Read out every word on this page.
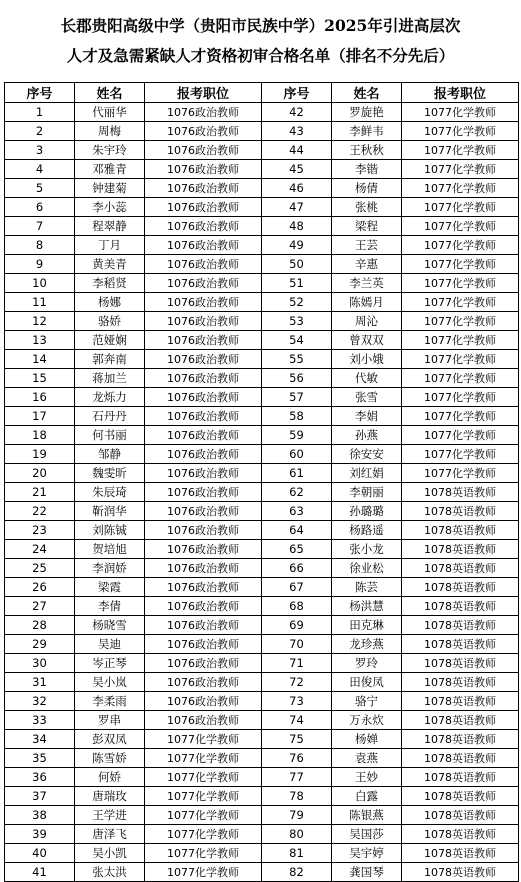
长郡贵阳高级中学（贵阳市民族中学）2025年引进高层次
人才及急需紧缺人才资格初审合格名单（排名不分先后）
序号	姓名	报考职位	序号	姓名	报考职位
1	代丽华	1076政治教师	42	罗旋艳	1077化学教师
2	周梅	1076政治教师	43	李鲜韦	1077化学教师
3	朱宇玲	1076政治教师	44	王秋秋	1077化学教师
4	邓雅青	1076政治教师	45	李锴	1077化学教师
5	钟建菊	1076政治教师	46	杨倩	1077化学教师
6	李小蕊	1076政治教师	47	张桃	1077化学教师
7	程翠静	1076政治教师	48	梁程	1077化学教师
8	丁月	1076政治教师	49	王芸	1077化学教师
9	黄美青	1076政治教师	50	辛惠	1077化学教师
10	李稻贤	1076政治教师	51	李兰英	1077化学教师
11	杨娜	1076政治教师	52	陈嫣月	1077化学教师
12	骆娇	1076政治教师	53	周沁	1077化学教师
13	范娅娴	1076政治教师	54	曾双双	1077化学教师
14	郭奔南	1076政治教师	55	刘小娥	1077化学教师
15	蒋加兰	1076政治教师	56	代敏	1077化学教师
16	龙烁力	1076政治教师	57	张雪	1077化学教师
17	石丹丹	1076政治教师	58	李娟	1077化学教师
18	何书丽	1076政治教师	59	孙燕	1077化学教师
19	邹静	1076政治教师	60	徐安安	1077化学教师
20	魏雯昕	1076政治教师	61	刘红娟	1077化学教师
21	朱辰琦	1076政治教师	62	李朝丽	1078英语教师
22	靳润华	1076政治教师	63	孙璐璐	1078英语教师
23	刘陈铖	1076政治教师	64	杨路遥	1078英语教师
24	贺培旭	1076政治教师	65	张小龙	1078英语教师
25	李润娇	1076政治教师	66	徐业松	1078英语教师
26	梁霞	1076政治教师	67	陈芸	1078英语教师
27	李倩	1076政治教师	68	杨洪慧	1078英语教师
28	杨晓雪	1076政治教师	69	田克琳	1078英语教师
29	吴迪	1076政治教师	70	龙珍燕	1078英语教师
30	岑正琴	1076政治教师	71	罗玲	1078英语教师
31	吴小岚	1076政治教师	72	田俊凤	1078英语教师
32	李柔雨	1076政治教师	73	骆宁	1078英语教师
33	罗串	1076政治教师	74	万永炊	1078英语教师
34	彭双凤	1077化学教师	75	杨婵	1078英语教师
35	陈雪娇	1077化学教师	76	袁燕	1078英语教师
36	何娇	1077化学教师	77	王妙	1078英语教师
37	唐瑞玫	1077化学教师	78	白露	1078英语教师
38	王学进	1077化学教师	79	陈银燕	1078英语教师
39	唐泽飞	1077化学教师	80	吴国莎	1078英语教师
40	吴小凯	1077化学教师	81	吴宇婷	1078英语教师
41	张太洪	1077化学教师	82	龚国琴	1078英语教师
